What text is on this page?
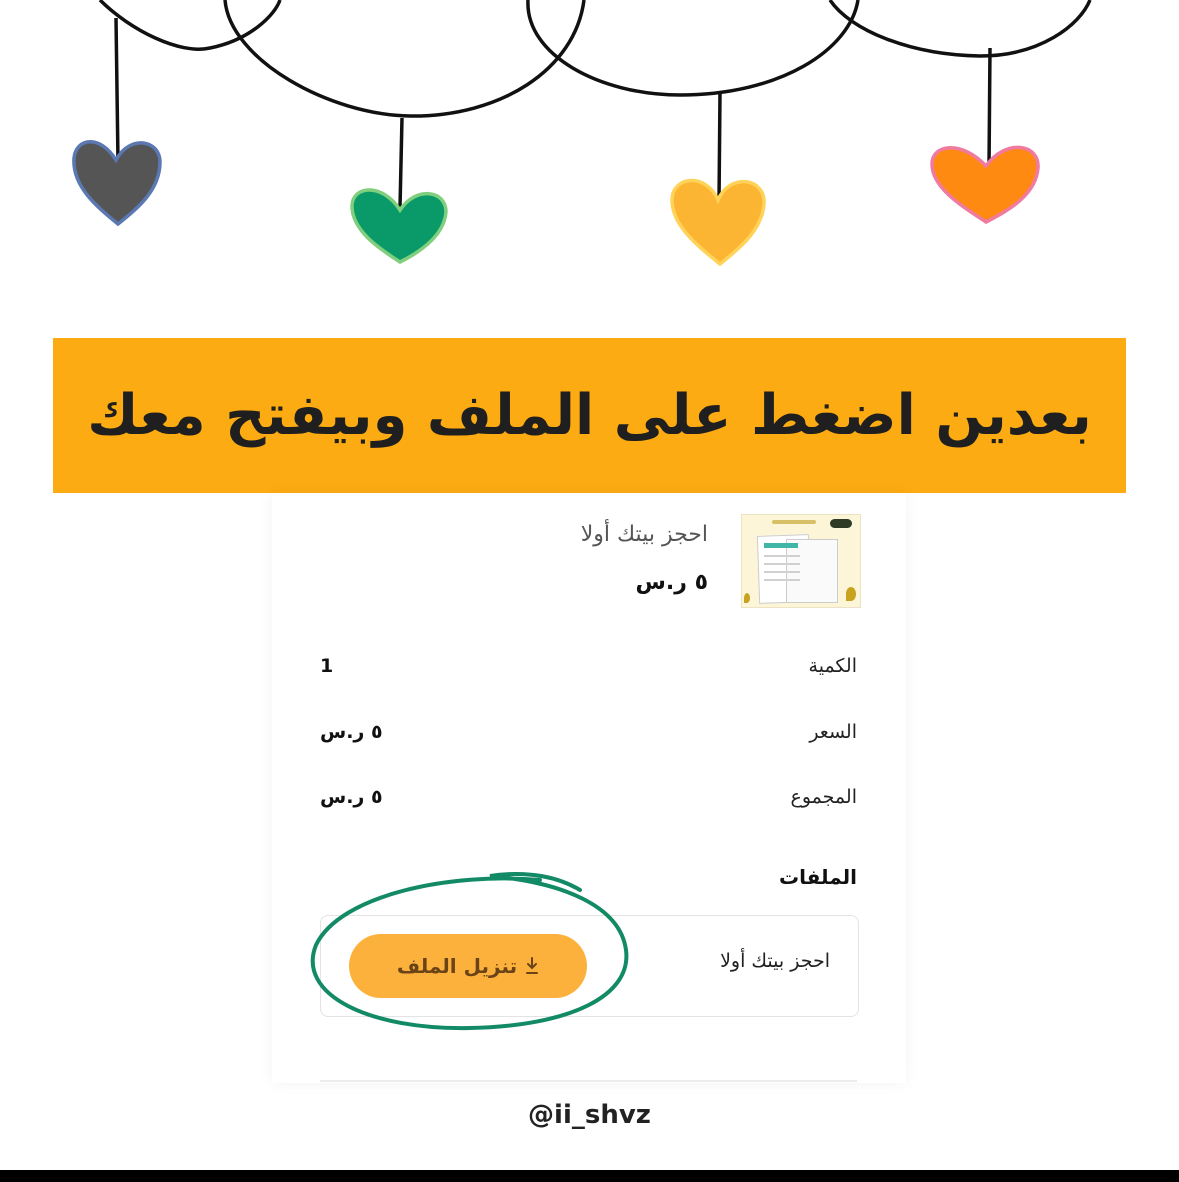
بعدين اضغط على الملف وبيفتح معك
احجز بيتك أولا
٥ ر.س
الكمية
1
السعر
٥ ر.س
المجموع
٥ ر.س
الملفات
احجز بيتك أولا
تنزيل الملف
@ii_shvz
